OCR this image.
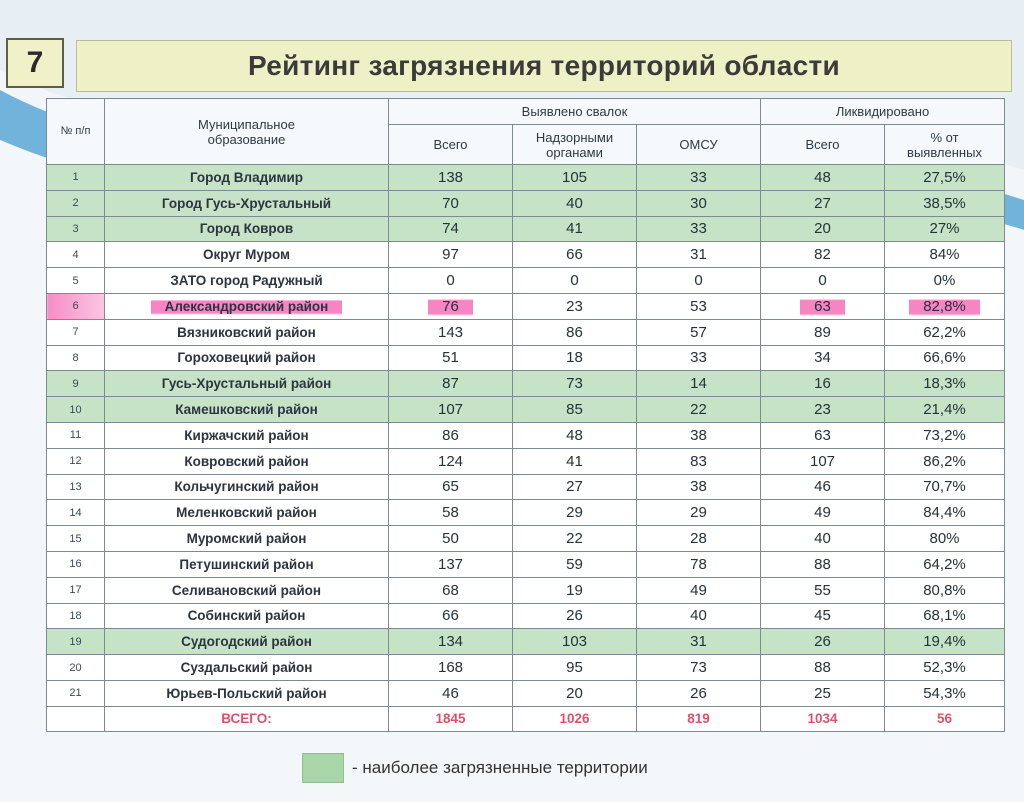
7	Рейтинг загрязнения территорий области
№ п/п	Муниципальное образование	Выявлено свалок			Ликвидировано	
		Всего	Надзорными органами	ОМСУ	Всего	% от выявленных
1	Город Владимир	138	105	33	48	27,5%
2	Город Гусь-Хрустальный	70	40	30	27	38,5%
3	Город Ковров	74	41	33	20	27%
4	Округ Муром	97	66	31	82	84%
5	ЗАТО город Радужный	0	0	0	0	0%
6	Александровский район	76	23	53	63	82,8%
7	Вязниковский район	143	86	57	89	62,2%
8	Гороховецкий район	51	18	33	34	66,6%
9	Гусь-Хрустальный район	87	73	14	16	18,3%
10	Камешковский район	107	85	22	23	21,4%
11	Киржачский район	86	48	38	63	73,2%
12	Ковровский район	124	41	83	107	86,2%
13	Кольчугинский район	65	27	38	46	70,7%
14	Меленковский район	58	29	29	49	84,4%
15	Муромский район	50	22	28	40	80%
16	Петушинский район	137	59	78	88	64,2%
17	Селивановский район	68	19	49	55	80,8%
18	Собинский район	66	26	40	45	68,1%
19	Судогодский район	134	103	31	26	19,4%
20	Суздальский район	168	95	73	88	52,3%
21	Юрьев-Польский район	46	20	26	25	54,3%
	ВСЕГО:	1845	1026	819	1034	56
- наиболее загрязненные территории
